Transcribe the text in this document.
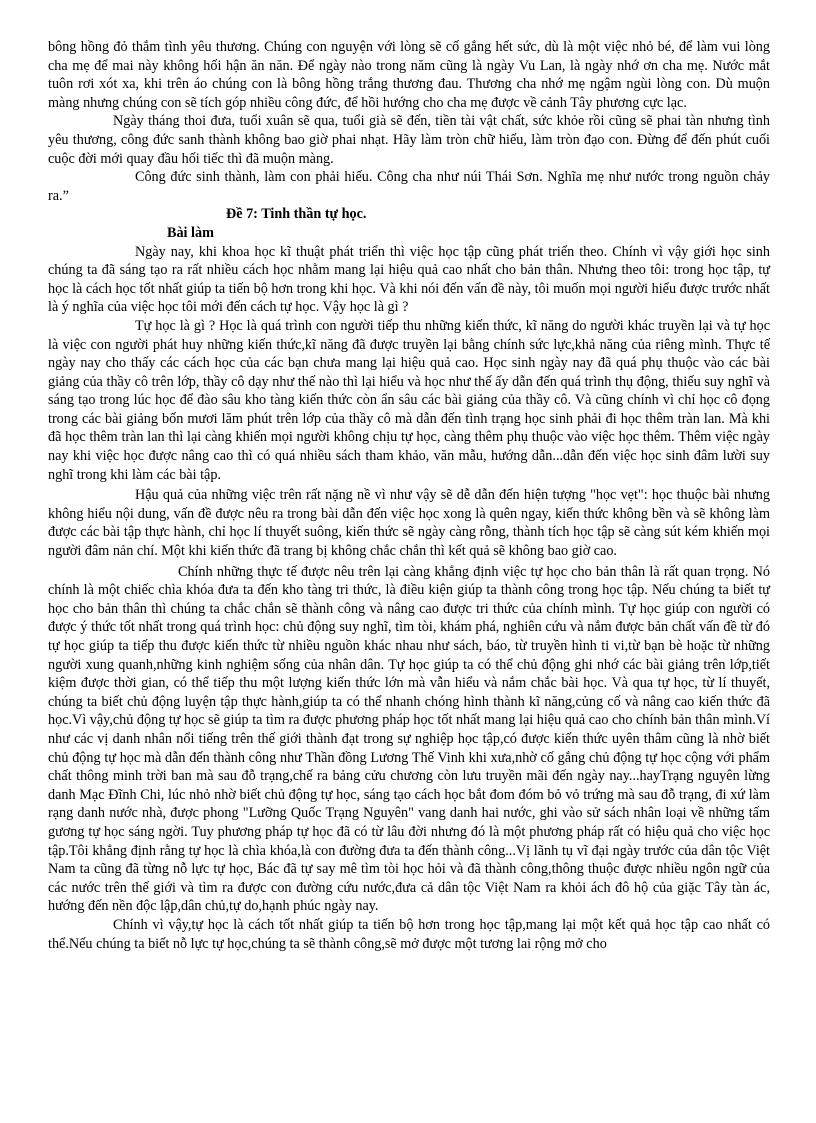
bông hồng đỏ thắm tình yêu thương. Chúng con nguyện với lòng sẽ cố gắng hết sức, dù là một việc nhỏ bé, để làm vui lòng cha mẹ để mai này không hối hận ăn năn. Để ngày nào trong năm cũng là ngày Vu Lan, là ngày nhớ ơn cha mẹ. Nước mắt tuôn rơi xót xa, khi trên áo chúng con là bông hồng trắng thương đau. Thương cha nhớ mẹ ngậm ngùi lòng con. Dù muộn màng nhưng chúng con sẽ tích góp nhiều công đức, để hồi hướng cho cha mẹ được về cảnh Tây phương cực lạc.

Ngày tháng thoi đưa, tuổi xuân sẽ qua, tuổi già sẽ đến, tiền tài vật chất, sức khỏe rồi cũng sẽ phai tàn nhưng tình yêu thương, công đức sanh thành không bao giờ phai nhạt. Hãy làm tròn chữ hiếu, làm tròn đạo con. Đừng để đến phút cuối cuộc đời mới quay đầu hối tiếc thì đã muộn màng.

Công đức sinh thành, làm con phải hiếu. Công cha như núi Thái Sơn. Nghĩa mẹ như nước trong nguồn chảy ra.”

Đề 7: Tinh thần tự học.

Bài làm

Ngày nay, khi khoa học kĩ thuật phát triển thì việc học tập cũng phát triển theo. Chính vì vậy giới học sinh chúng ta đã sáng tạo ra rất nhiều cách học nhằm mang lại hiệu quả cao nhất cho bản thân. Nhưng theo tôi: trong học tập, tự học là cách học tốt nhất giúp ta tiến bộ hơn trong khi học. Và khi nói đến vấn đề này, tôi muốn mọi người hiểu được trước nhất là ý nghĩa của việc học tôi mới đến cách tự học. Vậy học là gì ?

Tự học là gì ? Học là quá trình con người tiếp thu những kiến thức, kĩ năng do người khác truyền lại và tự học là việc con người phát huy những kiến thức,kĩ năng đã được truyền lại bằng chính sức lực,khả năng của riêng mình. Thực tế ngày nay cho thấy các cách học của các bạn chưa mang lại hiệu quả cao. Học sinh ngày nay đã quá phụ thuộc vào các bài giảng của thầy cô trên lớp, thầy cô dạy như thế nào thì lại hiểu và học như thế ấy dẫn đến quá trình thụ động, thiếu suy nghĩ và sáng tạo trong lúc học để đào sâu kho tàng kiến thức còn ẩn sâu các bài giảng của thầy cô. Và cũng chính vì chỉ học cô đọng trong các bài giảng bốn mươi lăm phút trên lớp của thầy cô mà dẫn đến tình trạng học sinh phải đi học thêm tràn lan. Mà khi đã học thêm tràn lan thì lại càng khiến mọi người không chịu tự học, càng thêm phụ thuộc vào việc học thêm. Thêm việc ngày nay khi việc học được nâng cao thì có quá nhiều sách tham khảo, văn mẫu, hướng dẫn...dẫn đến việc học sinh đâm lười suy nghĩ trong khi làm các bài tập.

Hậu quả của những việc trên rất nặng nề vì như vậy sẽ dễ dẫn đến hiện tượng "học vẹt": học thuộc bài nhưng không hiểu nội dung, vấn đề được nêu ra trong bài dẫn đến việc học xong là quên ngay, kiến thức không bền và sẽ không làm được các bài tập thực hành, chỉ học lí thuyết suông, kiến thức sẽ ngày càng rỗng, thành tích học tập sẽ càng sút kém khiến mọi người đâm nản chí. Một khi kiến thức đã trang bị không chắc chắn thì kết quả sẽ không bao giờ cao.

Chính những thực tế được nêu trên lại càng khẳng định việc tự học cho bản thân là rất quan trọng. Nó chính là một chiếc chìa khóa đưa ta đến kho tàng tri thức, là điều kiện giúp ta thành công trong học tập. Nếu chúng ta biết tự học cho bản thân thì chúng ta chắc chắn sẽ thành công và nâng cao được tri thức của chính mình. Tự học giúp con người có được ý thức tốt nhất trong quá trình học: chủ động suy nghĩ, tìm tòi, khám phá, nghiên cứu và nắm được bản chất vấn đề từ đó tự học giúp ta tiếp thu được kiến thức từ nhiều nguồn khác nhau như sách, báo, từ truyền hình ti vi,từ bạn bè hoặc từ những người xung quanh,những kinh nghiệm sống của nhân dân. Tự học giúp ta có thể chủ động ghi nhớ các bài giảng trên lớp,tiết kiệm được thời gian, có thể tiếp thu một lượng kiến thức lớn mà vẫn hiểu và nắm chắc bài học. Và qua tự học, từ lí thuyết, chúng ta biết chủ động luyện tập thực hành,giúp ta có thể nhanh chóng hình thành kĩ năng,củng cố và nâng cao kiến thức đã học.Vì vậy,chủ động tự học sẽ giúp ta tìm ra được phương pháp học tốt nhất mang lại hiệu quả cao cho chính bản thân mình.Ví như các vị danh nhân nổi tiếng trên thế giới thành đạt trong sự nghiệp học tập,có được kiến thức uyên thâm cũng là nhờ biết chủ động tự học mà dẫn đến thành công như Thần đồng Lương Thế Vinh khi xưa,nhờ cố gắng chủ động tự học cộng với phẩm chất thông minh trời ban mà sau đỗ trạng,chế ra bảng cửu chương còn lưu truyền mãi đến ngày nay...hayTrạng nguyên lừng danh Mạc Đĩnh Chi, lúc nhỏ nhờ biết chủ động tự học, sáng tạo cách học bắt đom đóm bỏ vỏ trứng mà sau đỗ trạng, đi xứ làm rạng danh nước nhà, được phong "Lưỡng Quốc Trạng Nguyên" vang danh hai nước, ghi vào sử sách nhân loại về những tấm gương tự học sáng ngời. Tuy phương pháp tự học đã có từ lâu đời nhưng đó là một phương pháp rất có hiệu quả cho việc học tập.Tôi khẳng định rằng tự học là chìa khóa,là con đường đưa ta đến thành công...Vị lãnh tụ vĩ đại ngày trước của dân tộc Việt Nam ta cũng đã từng nỗ lực tự học, Bác đã tự say mê tìm tòi học hỏi và đã thành công,thông thuộc được nhiều ngôn ngữ của các nước trên thế giới và tìm ra được con đường cứu nước,đưa cả dân tộc Việt Nam ra khỏi ách đô hộ của giặc Tây tàn ác, hướng đến nền độc lập,dân chủ,tự do,hạnh phúc ngày nay.

Chính vì vậy,tự học là cách tốt nhất giúp ta tiến bộ hơn trong học tập,mang lại một kết quả học tập cao nhất có thể.Nếu chúng ta biết nỗ lực tự học,chúng ta sẽ thành công,sẽ mở được một tương lai rộng mở cho
